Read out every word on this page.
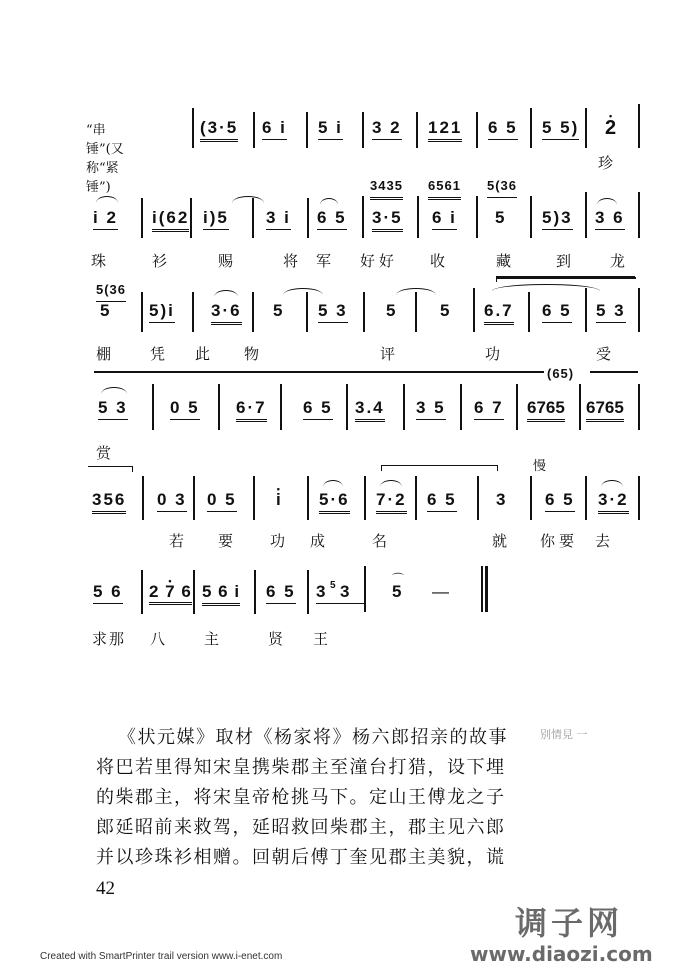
“串锤”(又称“紧锤”)
(3·5 6 i 5 i 3 2 121 6 5 5 5) • 2
珍
3435 6561 5(36
i 2 i(62 i)5 3 i 6 5 3·5 6 i 5 5)3 3 6
珠	衫	赐	将 军 好好 收	藏	到	龙
5(36
5 5)i 3·6 5 5 3 5	5 6.7 6 5 5 3
棚	凭 此 物	评	功	受
(65)
5 3 0 5 6·7 6 5 3.4 3 5 6 7 6765 6765
赏
慢
356 0 3 0 5 • i 5·6 7·2 6 5 3 6 5 3·2
若 要 功 成	名	就 你要 去
5 6 • 2 7 6 5 6 i 6 5 3 5 3
⌒
5 —
求那 八	主	贤 王
《状元媒》取材《杨家将》杨六郎招亲的故事
将巴若里得知宋皇携柴郡主至潼台打猎，设下埋
的柴郡主，将宋皇帝枪挑马下。定山王傅龙之子
郎延昭前来救驾，延昭救回柴郡主，郡主见六郎
并以珍珠衫相赠。回朝后傅丁奎见郡主美貌，谎
别情見 一
42
Created with SmartPrinter trail version www.i-enet.com
调子网
www.diaozi.com
